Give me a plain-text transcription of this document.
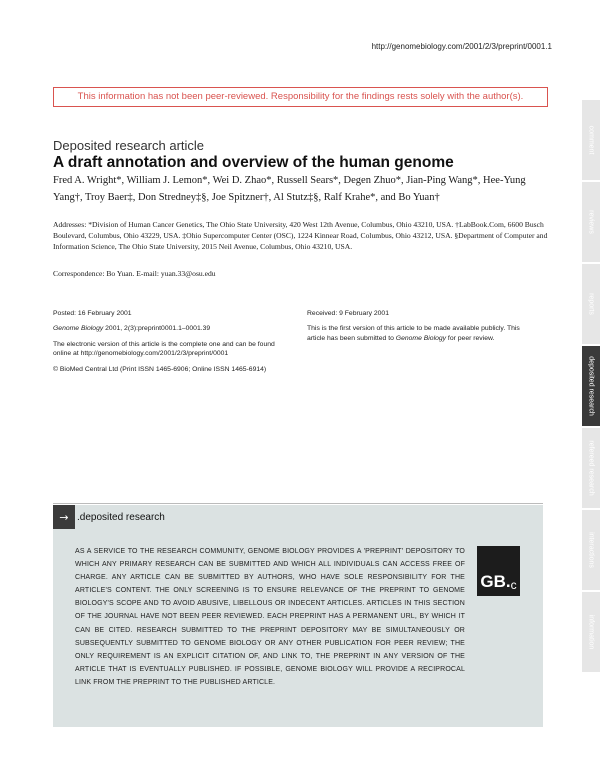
http://genomebiology.com/2001/2/3/preprint/0001.1
This information has not been peer-reviewed. Responsibility for the findings rests solely with the author(s).
Deposited research article
A draft annotation and overview of the human genome
Fred A. Wright*, William J. Lemon*, Wei D. Zhao*, Russell Sears*, Degen Zhuo*, Jian-Ping Wang*, Hee-Yung Yang†, Troy Baer‡, Don Stredney‡§, Joe Spitzner†, Al Stutz‡§, Ralf Krahe*, and Bo Yuan†
Addresses: *Division of Human Cancer Genetics, The Ohio State University, 420 West 12th Avenue, Columbus, Ohio 43210, USA. †LabBook.Com, 6600 Busch Boulevard, Columbus, Ohio 43229, USA. ‡Ohio Supercomputer Center (OSC), 1224 Kinnear Road, Columbus, Ohio 43212, USA. §Department of Computer and Information Science, The Ohio State University, 2015 Neil Avenue, Columbus, Ohio 43210, USA.
Correspondence: Bo Yuan. E-mail: yuan.33@osu.edu

Posted: 16 February 2001

Genome Biology 2001, 2(3):preprint0001.1–0001.39

The electronic version of this article is the complete one and can be found online at http://genomebiology.com/2001/2/3/preprint/0001

© BioMed Central Ltd (Print ISSN 1465-6906; Online ISSN 1465-6914)

Received: 9 February 2001

This is the first version of this article to be made available publicly. This article has been submitted to Genome Biology for peer review.

→ .deposited research
AS A SERVICE TO THE RESEARCH COMMUNITY, GENOME BIOLOGY PROVIDES A 'PREPRINT' DEPOSITORY TO WHICH ANY PRIMARY RESEARCH CAN BE SUBMITTED AND WHICH ALL INDIVIDUALS CAN ACCESS FREE OF CHARGE. ANY ARTICLE CAN BE SUBMITTED BY AUTHORS, WHO HAVE SOLE RESPONSIBILITY FOR THE ARTICLE'S CONTENT. THE ONLY SCREENING IS TO ENSURE RELEVANCE OF THE PREPRINT TO GENOME BIOLOGY'S SCOPE AND TO AVOID ABUSIVE, LIBELLOUS OR INDECENT ARTICLES. ARTICLES IN THIS SECTION OF THE JOURNAL HAVE NOT BEEN PEER REVIEWED. EACH PREPRINT HAS A PERMANENT URL, BY WHICH IT CAN BE CITED. RESEARCH SUBMITTED TO THE PREPRINT DEPOSITORY MAY BE SIMULTANEOUSLY OR SUBSEQUENTLY SUBMITTED TO GENOME BIOLOGY OR ANY OTHER PUBLICATION FOR PEER REVIEW; THE ONLY REQUIREMENT IS AN EXPLICIT CITATION OF, AND LINK TO, THE PREPRINT IN ANY VERSION OF THE ARTICLE THAT IS EVENTUALLY PUBLISHED. IF POSSIBLE, GENOME BIOLOGY WILL PROVIDE A RECIPROCAL LINK FROM THE PREPRINT TO THE PUBLISHED ARTICLE.
GB. c
comment
reviews
reports
deposited research
refereed research
interactions
information
